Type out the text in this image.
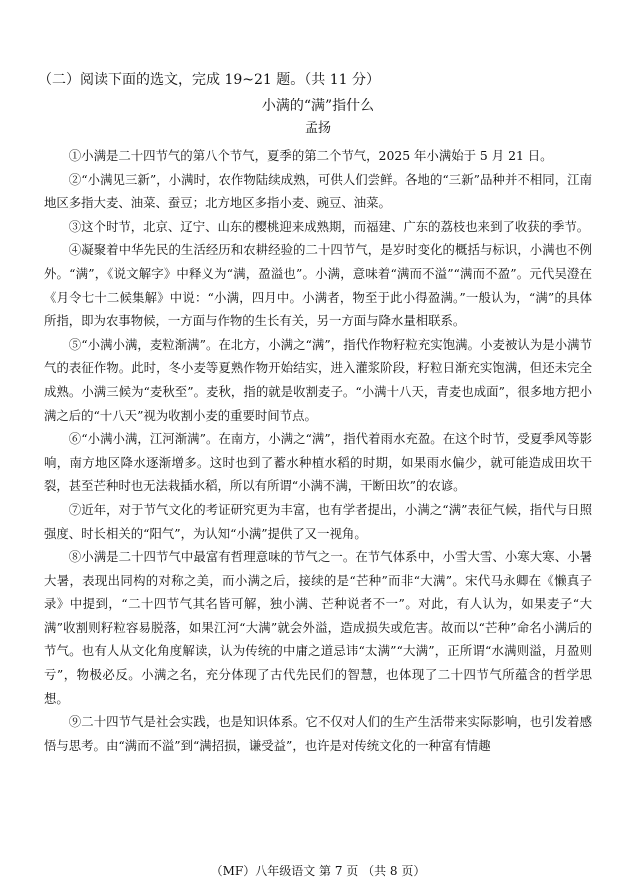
（二）阅读下面的选文，完成 19~21 题。（共 11 分）
小满的“满”指什么
孟扬

①小满是二十四节气的第八个节气，夏季的第二个节气，2025 年小满始于 5 月 21 日。

②“小满见三新”，小满时，农作物陆续成熟，可供人们尝鲜。各地的“三新”品种并不相同，江南地区多指大麦、油菜、蚕豆；北方地区多指小麦、豌豆、油菜。

③这个时节，北京、辽宁、山东的樱桃迎来成熟期，而福建、广东的荔枝也来到了收获的季节。

④凝聚着中华先民的生活经历和农耕经验的二十四节气，是岁时变化的概括与标识，小满也不例外。“满”，《说文解字》中释义为“满，盈溢也”。小满，意味着“满而不溢”“满而不盈”。元代吴澄在《月令七十二候集解》中说：“小满，四月中。小满者，物至于此小得盈满。”一般认为，“满”的具体所指，即为农事物候，一方面与作物的生长有关，另一方面与降水量相联系。

⑤“小满小满，麦粒渐满”。在北方，小满之“满”，指代作物籽粒充实饱满。小麦被认为是小满节气的表征作物。此时，冬小麦等夏熟作物开始结实，进入灌浆阶段，籽粒日渐充实饱满，但还未完全成熟。小满三候为“麦秋至”。麦秋，指的就是收割麦子。“小满十八天，青麦也成面”，很多地方把小满之后的“十八天”视为收割小麦的重要时间节点。

⑥“小满小满，江河渐满”。在南方，小满之“满”，指代着雨水充盈。在这个时节，受夏季风等影响，南方地区降水逐渐增多。这时也到了蓄水种植水稻的时期，如果雨水偏少，就可能造成田坎干裂，甚至芒种时也无法栽插水稻，所以有所谓“小满不满，干断田坎”的农谚。

⑦近年，对于节气文化的考证研究更为丰富，也有学者提出，小满之“满”表征气候，指代与日照强度、时长相关的“阳气”，为认知“小满”提供了又一视角。

⑧小满是二十四节气中最富有哲理意味的节气之一。在节气体系中，小雪大雪、小寒大寒、小暑大暑，表现出同构的对称之美，而小满之后，接续的是“芒种”而非“大满”。宋代马永卿在《懒真子录》中提到，“二十四节气其名皆可解，独小满、芒种说者不一”。对此，有人认为，如果麦子“大满”收割则籽粒容易脱落，如果江河“大满”就会外溢，造成损失或危害。故而以“芒种”命名小满后的节气。也有人从文化角度解读，认为传统的中庸之道忌讳“太满”“大满”，正所谓“水满则溢，月盈则亏”，物极必反。小满之名，充分体现了古代先民们的智慧，也体现了二十四节气所蕴含的哲学思想。

⑨二十四节气是社会实践，也是知识体系。它不仅对人们的生产生活带来实际影响，也引发着感悟与思考。由“满而不溢”到“满招损，谦受益”，也许是对传统文化的一种富有情趣

（MF）八年级语文 第 7 页 （共 8 页）
